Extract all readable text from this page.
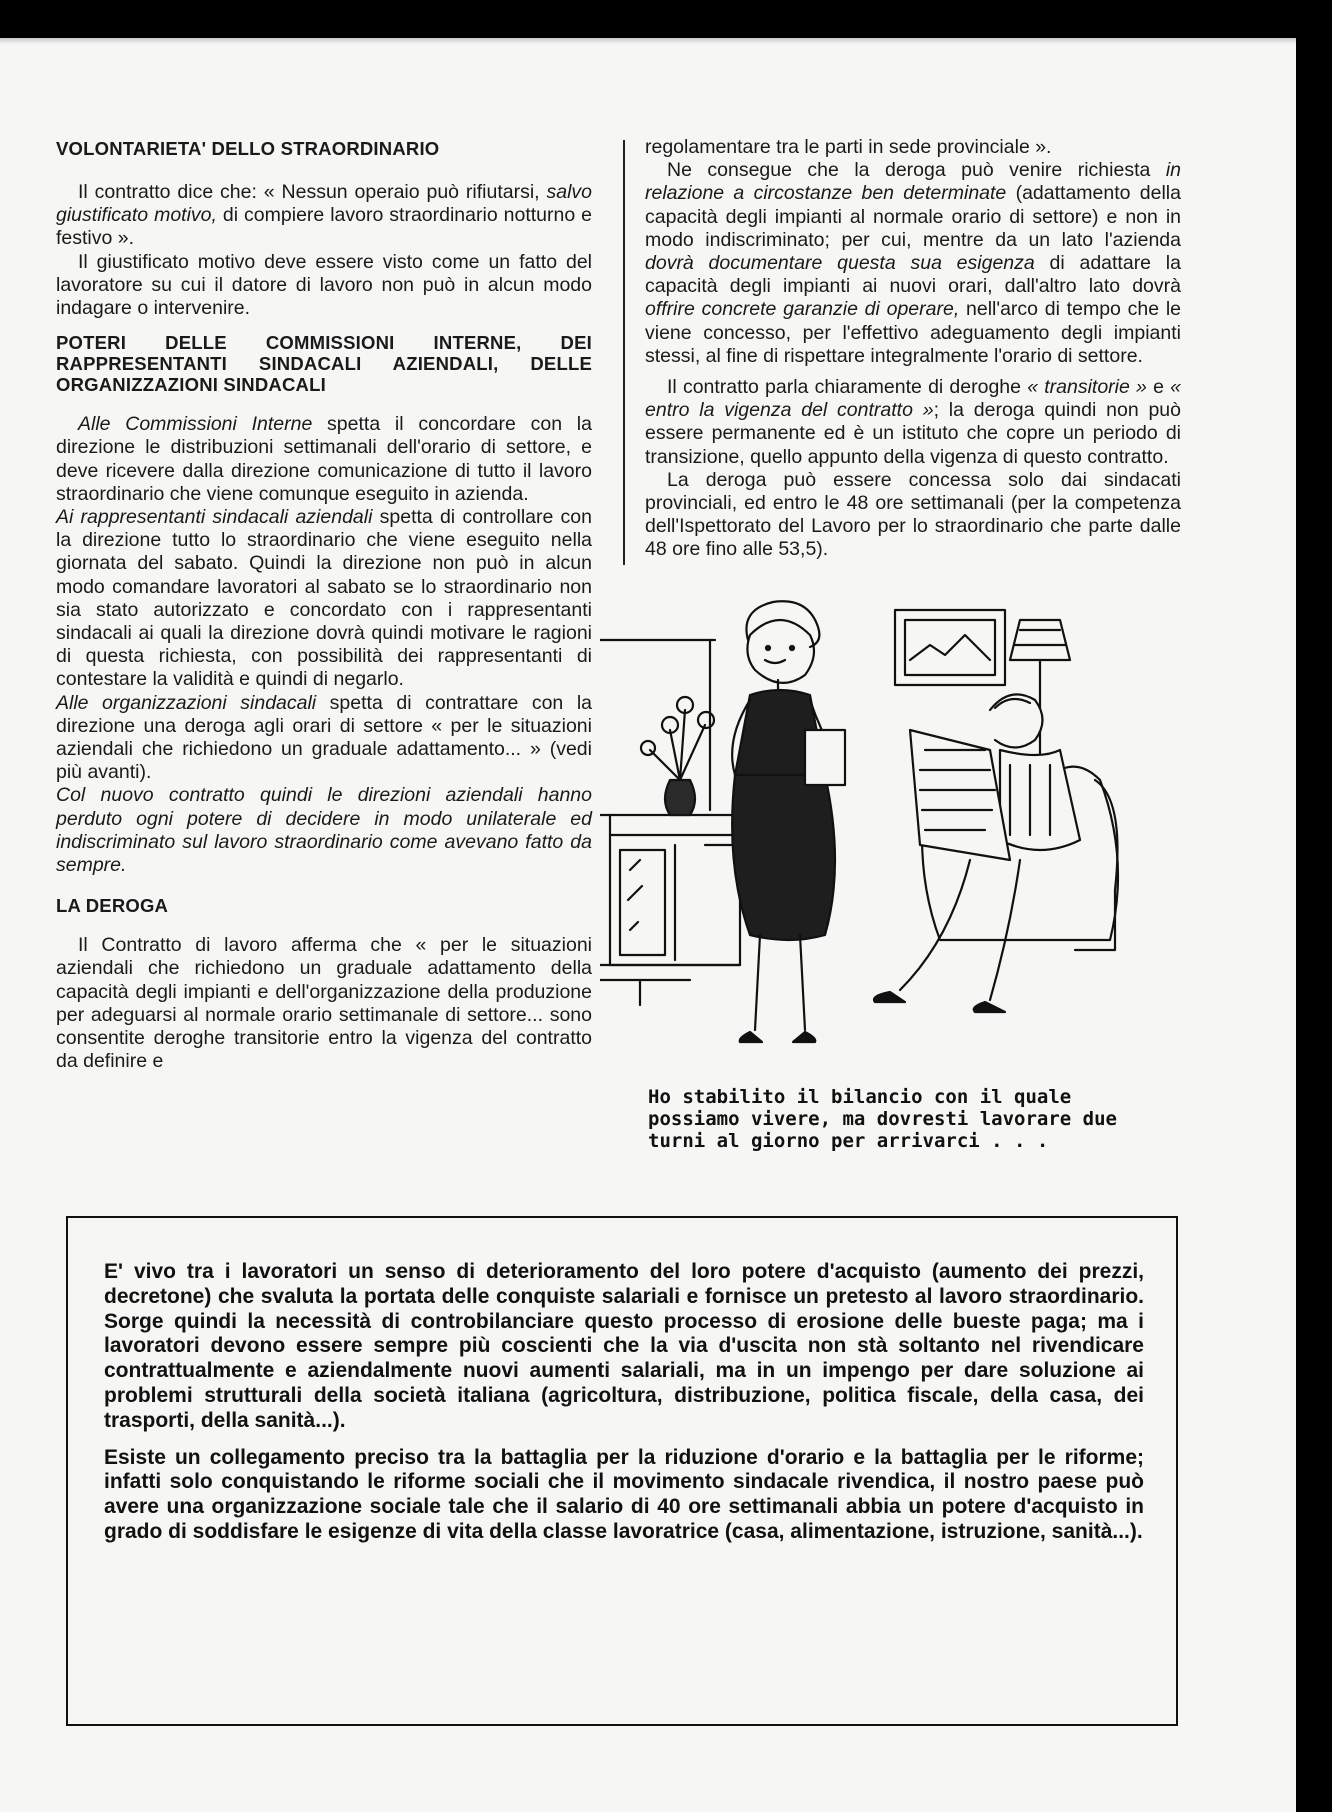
VOLONTARIETA' DELLO STRAORDINARIO

Il contratto dice che: « Nessun operaio può rifiutarsi, salvo giustificato motivo, di compiere lavoro straordinario notturno e festivo ».

Il giustificato motivo deve essere visto come un fatto del lavoratore su cui il datore di lavoro non può in alcun modo indagare o intervenire.

POTERI DELLE COMMISSIONI INTERNE, DEI RAPPRESENTANTI SINDACALI AZIENDALI, DELLE ORGANIZZAZIONI SINDACALI

Alle Commissioni Interne spetta il concordare con la direzione le distribuzioni settimanali dell'orario di settore, e deve ricevere dalla direzione comunicazione di tutto il lavoro straordinario che viene comunque eseguito in azienda.

Ai rappresentanti sindacali aziendali spetta di controllare con la direzione tutto lo straordinario che viene eseguito nella giornata del sabato. Quindi la direzione non può in alcun modo comandare lavoratori al sabato se lo straordinario non sia stato autorizzato e concordato con i rappresentanti sindacali ai quali la direzione dovrà quindi motivare le ragioni di questa richiesta, con possibilità dei rappresentanti di contestare la validità e quindi di negarlo.

Alle organizzazioni sindacali spetta di contrattare con la direzione una deroga agli orari di settore « per le situazioni aziendali che richiedono un graduale adattamento... » (vedi più avanti).

Col nuovo contratto quindi le direzioni aziendali hanno perduto ogni potere di decidere in modo unilaterale ed indiscriminato sul lavoro straordinario come avevano fatto da sempre.

LA DEROGA

Il Contratto di lavoro afferma che « per le situazioni aziendali che richiedono un graduale adattamento della capacità degli impianti e dell'organizzazione della produzione per adeguarsi al normale orario settimanale di settore... sono consentite deroghe transitorie entro la vigenza del contratto da definire e

regolamentare tra le parti in sede provinciale ».

Ne consegue che la deroga può venire richiesta in relazione a circostanze ben determinate (adattamento della capacità degli impianti al normale orario di settore) e non in modo indiscriminato; per cui, mentre da un lato l'azienda dovrà documentare questa sua esigenza di adattare la capacità degli impianti ai nuovi orari, dall'altro lato dovrà offrire concrete garanzie di operare, nell'arco di tempo che le viene concesso, per l'effettivo adeguamento degli impianti stessi, al fine di rispettare integralmente l'orario di settore.

Il contratto parla chiaramente di deroghe « transitorie » e « entro la vigenza del contratto »; la deroga quindi non può essere permanente ed è un istituto che copre un periodo di transizione, quello appunto della vigenza di questo contratto.

La deroga può essere concessa solo dai sindacati provinciali, ed entro le 48 ore settimanali (per la competenza dell'Ispettorato del Lavoro per lo straordinario che parte dalle 48 ore fino alle 53,5).

Ho stabilito il bilancio con il quale possiamo vivere, ma dovresti lavorare due turni al giorno per arrivarci . . .

E' vivo tra i lavoratori un senso di deterioramento del loro potere d'acquisto (aumento dei prezzi, decretone) che svaluta la portata delle conquiste salariali e fornisce un pretesto al lavoro straordinario. Sorge quindi la necessità di controbilanciare questo processo di erosione delle bueste paga; ma i lavoratori devono essere sempre più coscienti che la via d'uscita non stà soltanto nel rivendicare contrattualmente e aziendalmente nuovi aumenti salariali, ma in un impengo per dare soluzione ai problemi strutturali della società italiana (agricoltura, distribuzione, politica fiscale, della casa, dei trasporti, della sanità...).

Esiste un collegamento preciso tra la battaglia per la riduzione d'orario e la battaglia per le riforme; infatti solo conquistando le riforme sociali che il movimento sindacale rivendica, il nostro paese può avere una organizzazione sociale tale che il salario di 40 ore settimanali abbia un potere d'acquisto in grado di soddisfare le esigenze di vita della classe lavoratrice (casa, alimentazione, istruzione, sanità...).
